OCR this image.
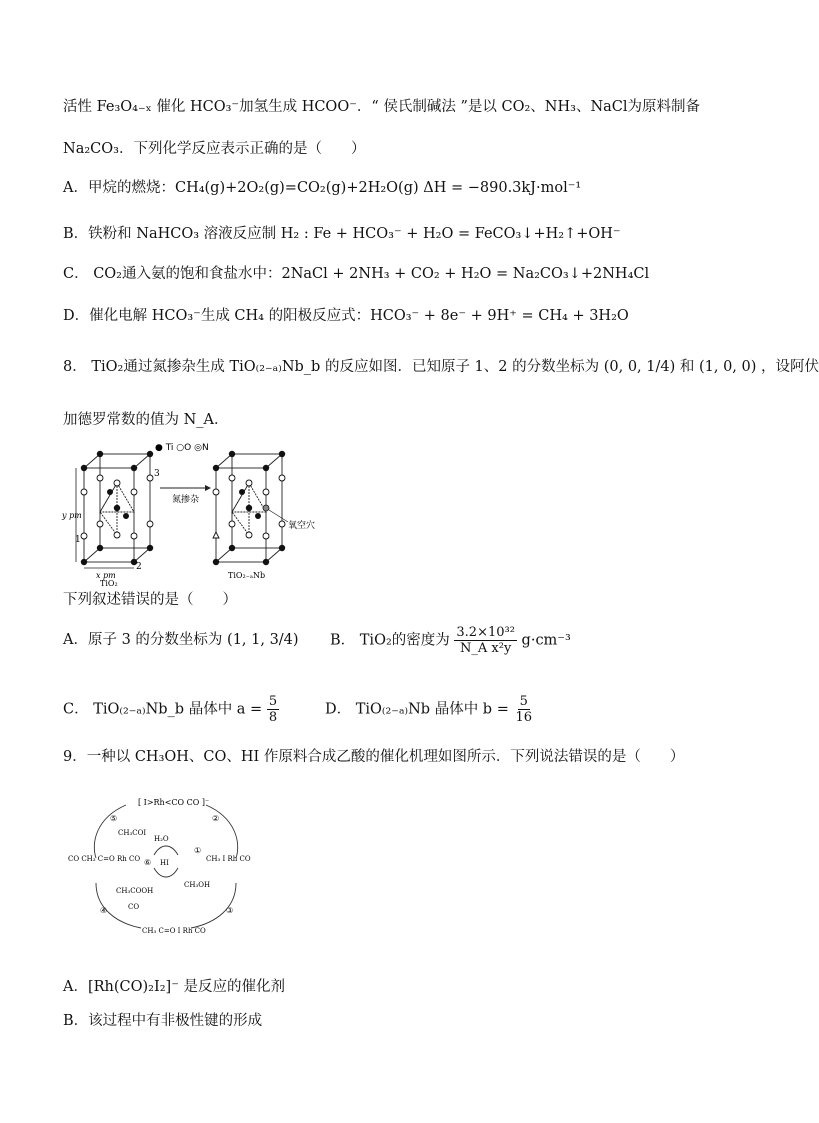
活性 Fe₃O₄₋ₓ 催化 HCO₃⁻加氢生成 HCOO⁻．“ 侯氏制碱法 ”是以 CO₂、NH₃、NaCl为原料制备
Na₂CO₃．下列化学反应表示正确的是（　　）
A．甲烷的燃烧：CH₄(g)+2O₂(g)=CO₂(g)+2H₂O(g) ΔH = −890.3kJ·mol⁻¹
B．铁粉和 NaHCO₃ 溶液反应制 H₂ : Fe + HCO₃⁻ + H₂O = FeCO₃↓+H₂↑+OH⁻
C． CO₂通入氨的饱和食盐水中：2NaCl + 2NH₃ + CO₂ + H₂O = Na₂CO₃↓+2NH₄Cl
D．催化电解 HCO₃⁻生成 CH₄ 的阳极反应式：HCO₃⁻ + 8e⁻ + 9H⁺ = CH₄ + 3H₂O
8． TiO₂通过氮掺杂生成 TiO₍₂₋ₐ₎Nb_b 的反应如图．已知原子 1、2 的分数坐标为 (0, 0, 1/4) 和 (1, 0, 0) ，设阿伏
加德罗常数的值为 N_A．
● Ti ○O ◎N
3
1
2
y pm
x pm
TiO₂
氮掺杂
氧空穴
TiO₂₋ₐNb
下列叙述错误的是（　　）
A．原子 3 的分数坐标为 (1, 1, 3/4) B． TiO₂的密度为 $\frac{\text{3.2×10³²}}{\text{N\_A x²y}} g\cdot cm^{-3}$
C． TiO₍₂₋ₐ₎Nb_b 晶体中 $a = \frac{5}{8}$	D． TiO₍₂₋ₐ₎Nb 晶体中 $b = \frac{5}{16}$
9．一种以 CH₃OH、CO、HI 作原料合成乙酸的催化机理如图所示．下列说法错误的是（　　）
[ I>Rh<CO CO ]⁻
CH₃ I Rh CO
CH₃ C=O I Rh CO
CO CH₃ C=O Rh CO
CH₃COI
H₂O
HI
CH₃OH
CH₃COOH
CO
⑤	②
①
⑥
③
④
A．[Rh(CO)₂I₂]⁻ 是反应的催化剂
B．该过程中有非极性键的形成
